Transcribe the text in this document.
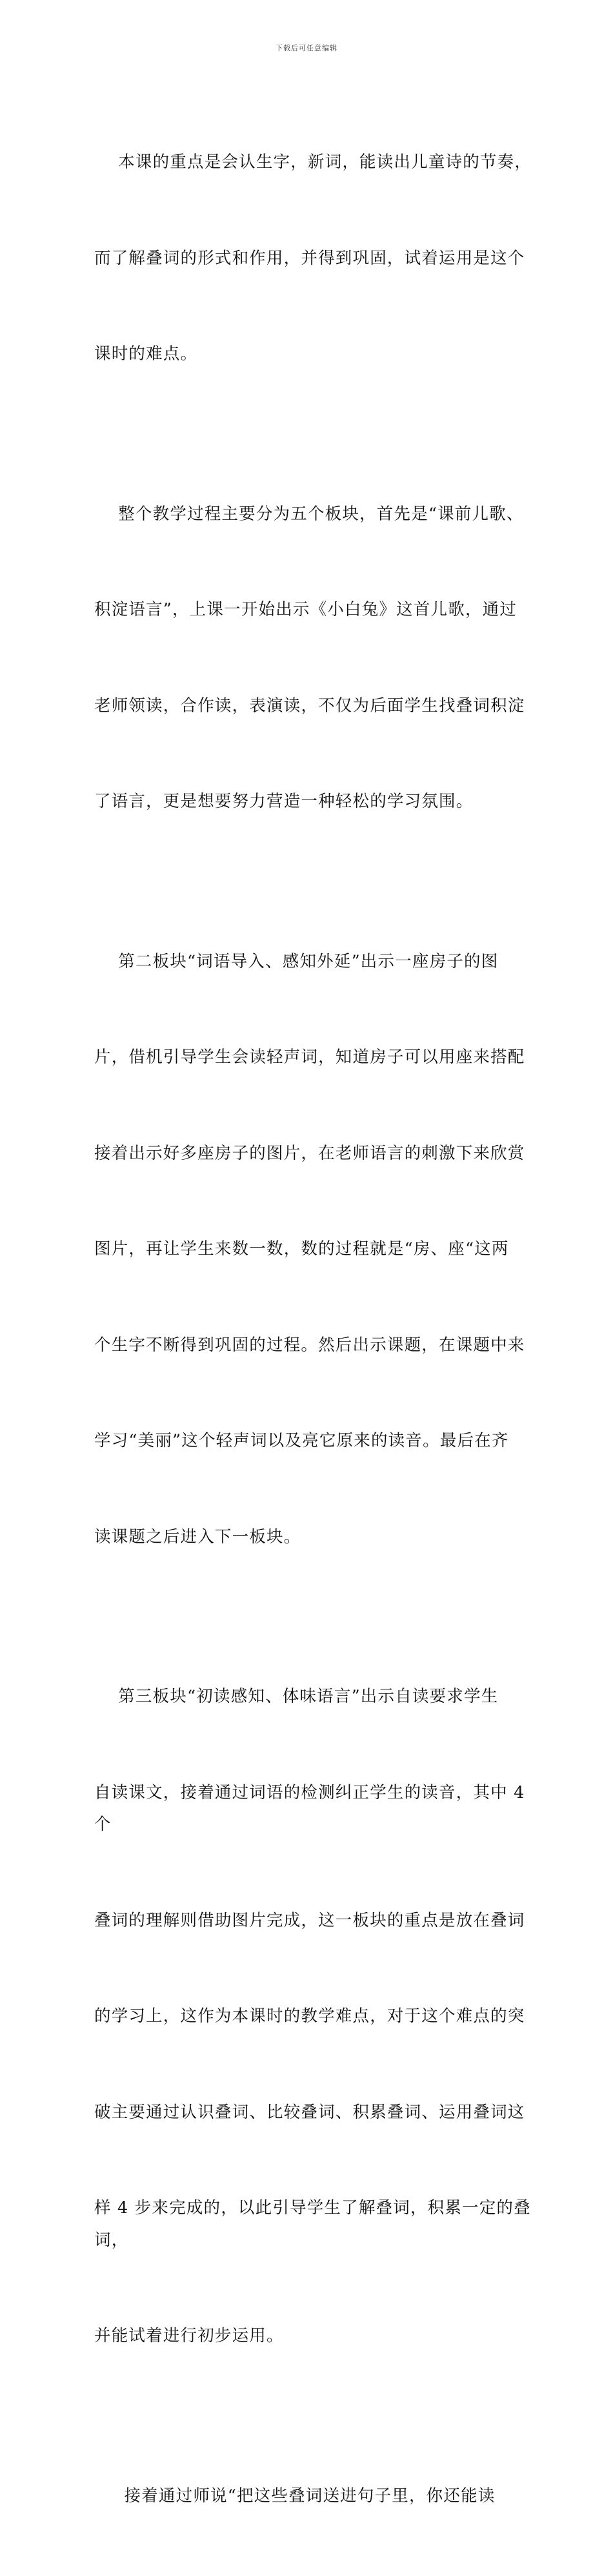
下载后可任意编辑

本课的重点是会认生字，新词，能读出儿童诗的节奏，

而了解叠词的形式和作用，并得到巩固，试着运用是这个

课时的难点。

整个教学过程主要分为五个板块，首先是“课前儿歌、

积淀语言”，上课一开始出示《小白兔》这首儿歌，通过

老师领读，合作读，表演读，不仅为后面学生找叠词积淀

了语言，更是想要努力营造一种轻松的学习氛围。

第二板块“词语导入、感知外延”出示一座房子的图

片，借机引导学生会读轻声词，知道房子可以用座来搭配

接着出示好多座房子的图片，在老师语言的刺激下来欣赏

图片，再让学生来数一数，数的过程就是“房、座“这两

个生字不断得到巩固的过程。然后出示课题，在课题中来

学习“美丽”这个轻声词以及亮它原来的读音。最后在齐

读课题之后进入下一板块。

第三板块“初读感知、体味语言”出示自读要求学生

自读课文，接着通过词语的检测纠正学生的读音，其中 4 个

叠词的理解则借助图片完成，这一板块的重点是放在叠词

的学习上，这作为本课时的教学难点，对于这个难点的突

破主要通过认识叠词、比较叠词、积累叠词、运用叠词这

样 4 步来完成的，以此引导学生了解叠词，积累一定的叠词，

并能试着进行初步运用。

接着通过师说“把这些叠词送进句子里，你还能读
